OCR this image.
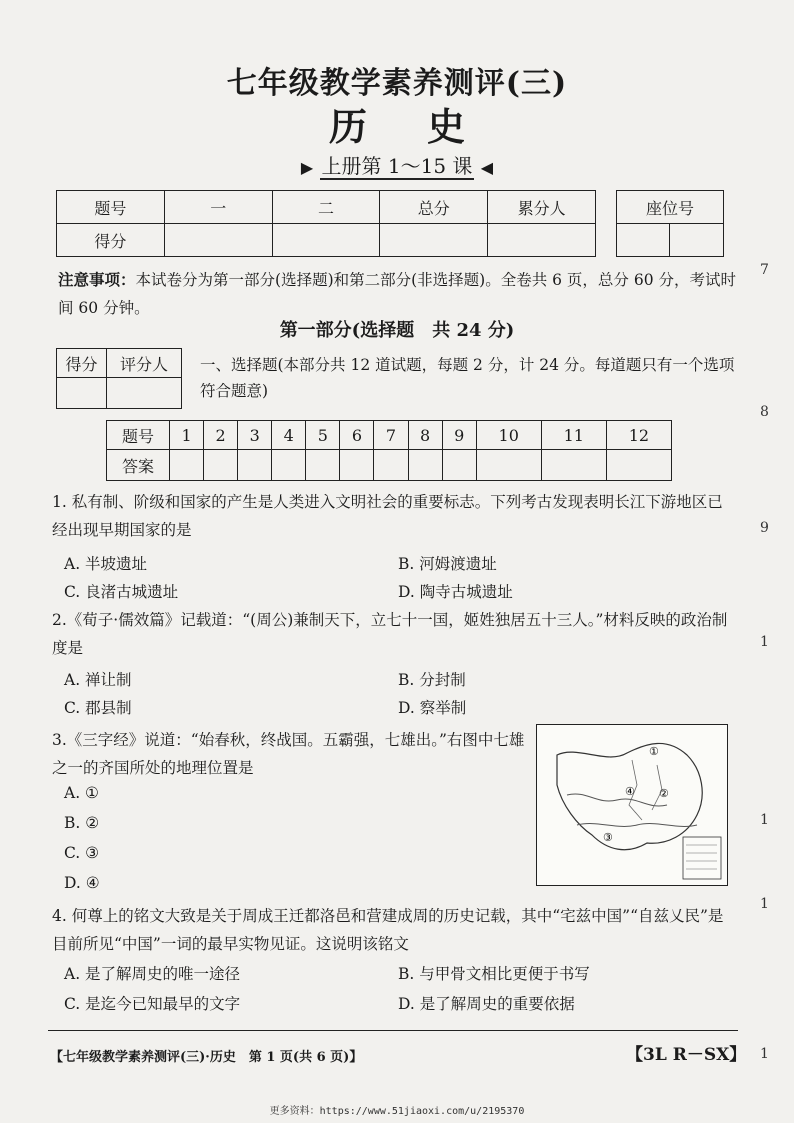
七年级教学素养测评(三)
历史
▶ 上册第 1～15 课 ◀
题号	一	二	总分	累分人
得分				
座位号

注意事项：本试卷分为第一部分(选择题)和第二部分(非选择题)。全卷共 6 页，总分 60 分，考试时间 60 分钟。
第一部分(选择题　共 24 分)
得分	评分人
	一、选择题(本部分共 12 道试题，每题 2 分，计 24 分。每道题只有一个选项符合题意)
题号	1	2	3	4	5	6	7	8	9	10	11	12
答案												
1. 私有制、阶级和国家的产生是人类进入文明社会的重要标志。下列考古发现表明长江下游地区已经出现早期国家的是
A. 半坡遗址	B. 河姆渡遗址
C. 良渚古城遗址	D. 陶寺古城遗址
2.《荀子·儒效篇》记载道：“(周公)兼制天下，立七十一国，姬姓独居五十三人。”材料反映的政治制度是
A. 禅让制	B. 分封制
C. 郡县制	D. 察举制
3.《三字经》说道：“始春秋，终战国。五霸强，七雄出。”右图中七雄之一的齐国所处的地理位置是
A. ①
B. ②
C. ③
D. ④
①
②
③
④
4. 何尊上的铭文大致是关于周成王迁都洛邑和营建成周的历史记载，其中“宅兹中国”“自兹乂民”是目前所见“中国”一词的最早实物见证。这说明该铭文
A. 是了解周史的唯一途径	B. 与甲骨文相比更便于书写
C. 是迄今已知最早的文字	D. 是了解周史的重要依据
【七年级教学素养测评(三)·历史　第 1 页(共 6 页)】	【3L R－SX】
更多资料：https://www.51jiaoxi.com/u/2195370
7
8
9
1
1
1
1
